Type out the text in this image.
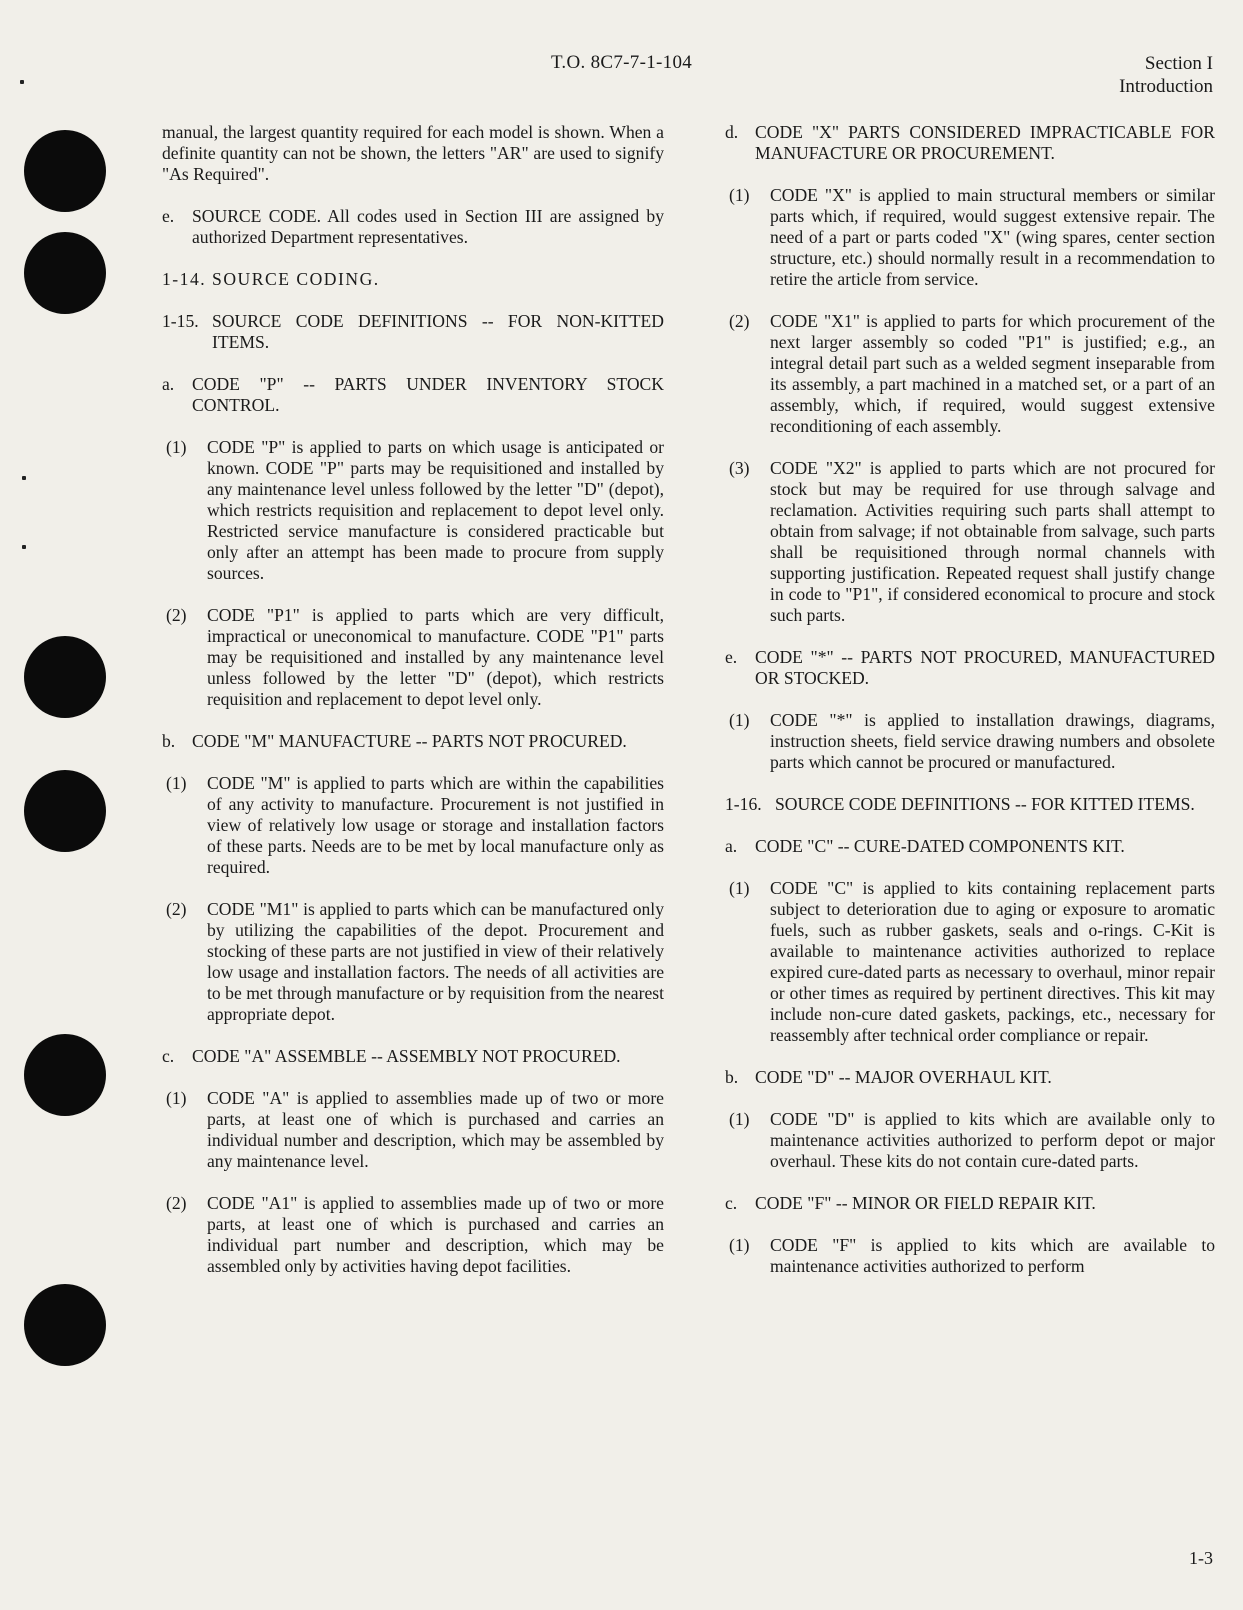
T.O. 8C7-7-1-104	Section I
Introduction
manual, the largest quantity required for each model is shown. When a definite quantity can not be shown, the letters "AR" are used to signify "As Required".
e.	SOURCE CODE. All codes used in Section III are assigned by authorized Department representatives.
1-14. SOURCE CODING.
1-15. SOURCE CODE DEFINITIONS -- FOR NON-KITTED ITEMS.
a.	CODE "P" -- PARTS UNDER INVENTORY STOCK CONTROL.
(1)	CODE "P" is applied to parts on which usage is anticipated or known. CODE "P" parts may be requisitioned and installed by any maintenance level unless followed by the letter "D" (depot), which restricts requisition and replacement to depot level only. Restricted service manufacture is considered practicable but only after an attempt has been made to procure from supply sources.
(2)	CODE "P1" is applied to parts which are very difficult, impractical or uneconomical to manufacture. CODE "P1" parts may be requisitioned and installed by any maintenance level unless followed by the letter "D" (depot), which restricts requisition and replacement to depot level only.
b. CODE "M" MANUFACTURE -- PARTS NOT PROCURED.
(1)	CODE "M" is applied to parts which are within the capabilities of any activity to manufacture. Procurement is not justified in view of relatively low usage or storage and installation factors of these parts. Needs are to be met by local manufacture only as required.
(2)	CODE "M1" is applied to parts which can be manufactured only by utilizing the capabilities of the depot. Procurement and stocking of these parts are not justified in view of their relatively low usage and installation factors. The needs of all activities are to be met through manufacture or by requisition from the nearest appropriate depot.
c.	CODE "A" ASSEMBLE -- ASSEMBLY NOT PROCURED.
(1)	CODE "A" is applied to assemblies made up of two or more parts, at least one of which is purchased and carries an individual number and description, which may be assembled by any maintenance level.
(2)	CODE "A1" is applied to assemblies made up of two or more parts, at least one of which is purchased and carries an individual part number and description, which may be assembled only by activities having depot facilities.
d. CODE "X" PARTS CONSIDERED IMPRACTICABLE FOR MANUFACTURE OR PROCUREMENT.
(1)	CODE "X" is applied to main structural members or similar parts which, if required, would suggest extensive repair. The need of a part or parts coded "X" (wing spares, center section structure, etc.) should normally result in a recommendation to retire the article from service.
(2)	CODE "X1" is applied to parts for which procurement of the next larger assembly so coded "P1" is justified; e.g., an integral detail part such as a welded segment inseparable from its assembly, a part machined in a matched set, or a part of an assembly, which, if required, would suggest extensive reconditioning of each assembly.
(3)	CODE "X2" is applied to parts which are not procured for stock but may be required for use through salvage and reclamation. Activities requiring such parts shall attempt to obtain from salvage; if not obtainable from salvage, such parts shall be requisitioned through normal channels with supporting justification. Repeated request shall justify change in code to "P1", if considered economical to procure and stock such parts.
e.	CODE "*" -- PARTS NOT PROCURED, MANUFACTURED OR STOCKED.
(1)	CODE "*" is applied to installation drawings, diagrams, instruction sheets, field service drawing numbers and obsolete parts which cannot be procured or manufactured.
1-16. SOURCE CODE DEFINITIONS -- FOR KITTED ITEMS.
a.	CODE "C" -- CURE-DATED COMPONENTS KIT.
(1)	CODE "C" is applied to kits containing replacement parts subject to deterioration due to aging or exposure to aromatic fuels, such as rubber gaskets, seals and o-rings. C-Kit is available to maintenance activities authorized to replace expired cure-dated parts as necessary to overhaul, minor repair or other times as required by pertinent directives. This kit may include non-cure dated gaskets, packings, etc., necessary for reassembly after technical order compliance or repair.
b. CODE "D" -- MAJOR OVERHAUL KIT.
(1)	CODE "D" is applied to kits which are available only to maintenance activities authorized to perform depot or major overhaul. These kits do not contain cure-dated parts.
c.	CODE "F" -- MINOR OR FIELD REPAIR KIT.
(1)	CODE "F" is applied to kits which are available to maintenance activities authorized to perform
1-3
